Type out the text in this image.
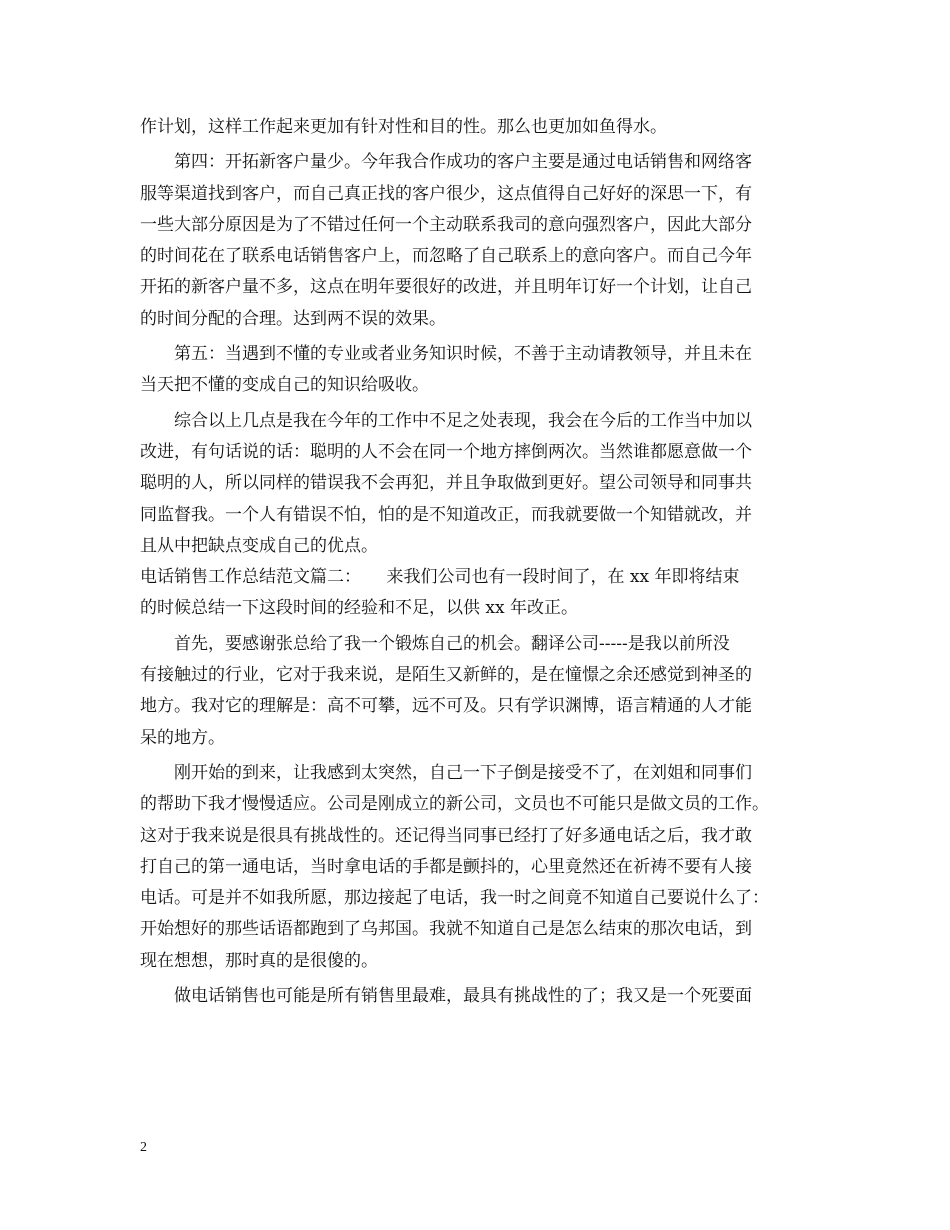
作计划，这样工作起来更加有针对性和目的性。那么也更加如鱼得水。
第四：开拓新客户量少。今年我合作成功的客户主要是通过电话销售和网络客
服等渠道找到客户，而自己真正找的客户很少，这点值得自己好好的深思一下，有
一些大部分原因是为了不错过任何一个主动联系我司的意向强烈客户，因此大部分
的时间花在了联系电话销售客户上，而忽略了自己联系上的意向客户。而自己今年
开拓的新客户量不多，这点在明年要很好的改进，并且明年订好一个计划，让自己
的时间分配的合理。达到两不误的效果。
第五：当遇到不懂的专业或者业务知识时候，不善于主动请教领导，并且未在
当天把不懂的变成自己的知识给吸收。
综合以上几点是我在今年的工作中不足之处表现，我会在今后的工作当中加以
改进，有句话说的话：聪明的人不会在同一个地方摔倒两次。当然谁都愿意做一个
聪明的人，所以同样的错误我不会再犯，并且争取做到更好。望公司领导和同事共
同监督我。一个人有错误不怕，怕的是不知道改正，而我就要做一个知错就改，并
且从中把缺点变成自己的优点。
电话销售工作总结范文篇二：　　来我们公司也有一段时间了，在 xx 年即将结束
的时候总结一下这段时间的经验和不足，以供 xx 年改正。
首先，要感谢张总给了我一个锻炼自己的机会。翻译公司-----是我以前所没
有接触过的行业，它对于我来说，是陌生又新鲜的，是在憧憬之余还感觉到神圣的
地方。我对它的理解是：高不可攀，远不可及。只有学识渊博，语言精通的人才能
呆的地方。
刚开始的到来，让我感到太突然，自己一下子倒是接受不了，在刘姐和同事们
的帮助下我才慢慢适应。公司是刚成立的新公司，文员也不可能只是做文员的工作。
这对于我来说是很具有挑战性的。还记得当同事已经打了好多通电话之后，我才敢
打自己的第一通电话，当时拿电话的手都是颤抖的，心里竟然还在祈祷不要有人接
电话。可是并不如我所愿，那边接起了电话，我一时之间竟不知道自己要说什么了：
开始想好的那些话语都跑到了乌邦国。我就不知道自己是怎么结束的那次电话，到
现在想想，那时真的是很傻的。
做电话销售也可能是所有销售里最难，最具有挑战性的了；我又是一个死要面
2
